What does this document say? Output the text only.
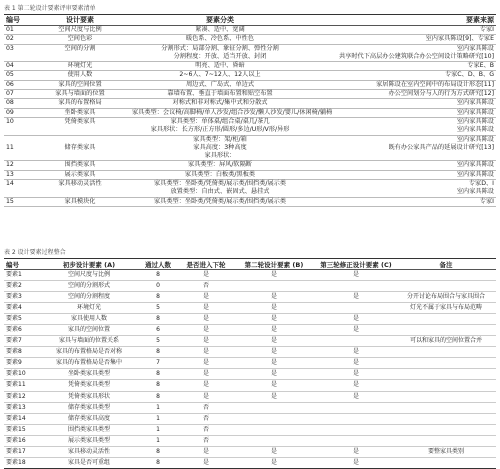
表 1 第二轮设计要素评审要素清单
编号	设计要素	要素分类	要素来源
01	空间尺度与比例	紧凑、适中、宽阔	专家I
02	空间色彩	暖色系、冷色系、中性色	室内家具陈设[9]、专家E
03	空间的分割	分割形式：局部分割、象征分割、弹性分割	室内家具陈设
		分割程度：开放、适当开放、封闭	共享时代下高层办公建筑联合办公空间设计策略研究[10]
04	环境灯光	明亮、适中、昏暗	专家E、B
05	使用人数	2~6人、7~12人、12人以上	专家C、D、B、G
06	家具的空间位置	周边式、广岛式、单边式	家居陈设在室内空间中的布局设计形态[11]
07	家具与墙面的位置	靠墙布置、垂直于墙面布置和贴空布置	办公空间划分与人的行为方式研究[12]
08	家具的布置格局	对称式和非对称式/集中式和分散式	室内家具陈设
09	坐卧类家具	家具类型：会议椅/高脚椅/单人沙发/组合沙发/懒人沙发/婴儿/休闲椅/躺椅	室内家具陈设
10	凭倚类家具	家具类型：单体桌/组合桌/桌几/茶几	室内家具陈设
		家具形状：长方形/正方形/圆形/多边/U形/V形/异形	室内家具陈设
		家具类型：架/柜/箱	室内家具陈设
11	储存类家具	家具高度：3种高度	既有办公家具产品的延展设计研究[13]
		家具形状：	
12	围挡类家具	家具类型：屏风/软隔断	室内家具陈设
13	展示类家具	家具类型：白板类/黑板类	室内家具陈设
14	家具移动灵活性	家具类型：坐卧类/凭倚类/展示类/围挡类/展示类	专家D、I
		放置类型：自由式、嵌固式、悬挂式	室内家具陈设
15	家具模块化	家具类型：坐卧类/凭倚类/展示类/围挡类/展示类	专家I
表 2 设计要素过程整合
编号	初步设计要素 (A)	通过人数	是否进入下轮	第二轮设计要素 (B)	第三轮修正设计要素 (C)	备注
要素1	空间尺度与比例	8	是	是	是	
要素2	空间的分割形式	0	否			
要素3	空间的分割程度	8	是	是	是	分开讨论布局围合与家具围合
要素4	环境灯光	5	是	是		灯光不属于家具与布局范畴
要素5	家具使用人数	8	是	是	是	
要素6	家具的空间位置	6	是	是	是	
要素7	家具与墙面的位置关系	5	是	是		可以和家具的空间位置合并
要素8	家具的布置格局是否对称	8	是	是	是	
要素9	家具的布置格局是否集中	7	是	是	是	
要素10	坐卧类家具类型	8	是	是	是	
要素11	凭倚类家具类型	8	是	是	是	
要素12	凭倚类家具形状	8	是	是	是	
要素13	储存类家具类型	1	否			
要素14	储存类家具高度	1	否			
要素15	围挡类家具类型	1	否			
要素16	展示类家具类型	1	否			
要素17	家具移动灵活性	8	是	是	是	要整家具类别
要素18	家具是否可重组	8	是	是	是	
